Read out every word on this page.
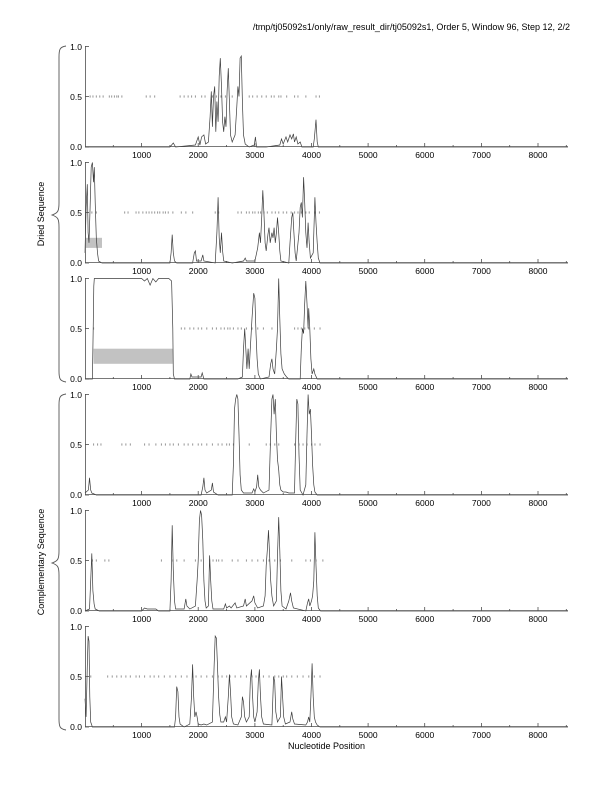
/tmp/tj05092s1/only/raw_result_dir/tj05092s1, Order 5, Window 96, Step 12, 2/2
Dried Sequence
Complementary Sequence
0.0
0.5
1.0
1000	2000	3000	4000	5000	6000	7000	8000
0.0
0.5
1.0
1000	2000	3000	4000	5000	6000	7000	8000
0.0
0.5
1.0
1000	2000	3000	4000	5000	6000	7000	8000
0.0
0.5
1.0
1000	2000	3000	4000	5000	6000	7000	8000
0.0
0.5
1.0
1000	2000	3000	4000	5000	6000	7000	8000
0.0
0.5
1.0
1000	2000	3000	4000	5000	6000	7000	8000
Nucleotide Position
